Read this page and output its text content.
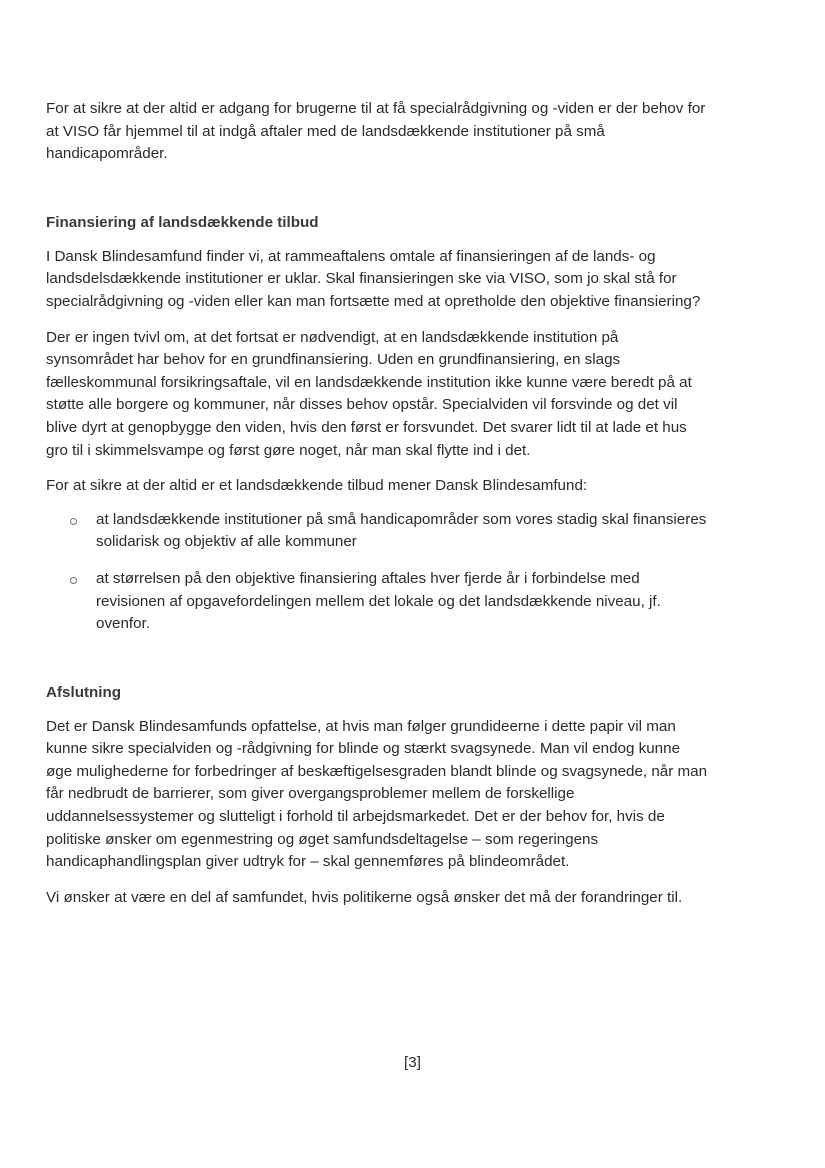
For at sikre at der altid er adgang for brugerne til at få specialrådgivning og -viden er der behov for
at VISO får hjemmel til at indgå aftaler med de landsdækkende institutioner på små
handicapområder.

Finansiering af landsdækkende tilbud

I Dansk Blindesamfund finder vi, at rammeaftalens omtale af finansieringen af de lands- og
landsdelsdækkende institutioner er uklar. Skal finansieringen ske via VISO, som jo skal stå for
specialrådgivning og -viden eller kan man fortsætte med at opretholde den objektive finansiering?

Der er ingen tvivl om, at det fortsat er nødvendigt, at en landsdækkende institution på
synsområdet har behov for en grundfinansiering. Uden en grundfinansiering, en slags
fælleskommunal forsikringsaftale, vil en landsdækkende institution ikke kunne være beredt på at
støtte alle borgere og kommuner, når disses behov opstår. Specialviden vil forsvinde og det vil
blive dyrt at genopbygge den viden, hvis den først er forsvundet. Det svarer lidt til at lade et hus
gro til i skimmelsvampe og først gøre noget, når man skal flytte ind i det.

For at sikre at der altid er et landsdækkende tilbud mener Dansk Blindesamfund:

at landsdækkende institutioner på små handicapområder som vores stadig skal finansieres
solidarisk og objektiv af alle kommuner
at størrelsen på den objektive finansiering aftales hver fjerde år i forbindelse med
revisionen af opgavefordelingen mellem det lokale og det landsdækkende niveau, jf.
ovenfor.
Afslutning

Det er Dansk Blindesamfunds opfattelse, at hvis man følger grundideerne i dette papir vil man
kunne sikre specialviden og -rådgivning for blinde og stærkt svagsynede. Man vil endog kunne
øge mulighederne for forbedringer af beskæftigelsesgraden blandt blinde og svagsynede, når man
får nedbrudt de barrierer, som giver overgangsproblemer mellem de forskellige
uddannelsessystemer og slutteligt i forhold til arbejdsmarkedet. Det er der behov for, hvis de
politiske ønsker om egenmestring og øget samfundsdeltagelse – som regeringens
handicaphandlingsplan giver udtryk for – skal gennemføres på blindeområdet.

Vi ønsker at være en del af samfundet, hvis politikerne også ønsker det må der forandringer til.

[3]
